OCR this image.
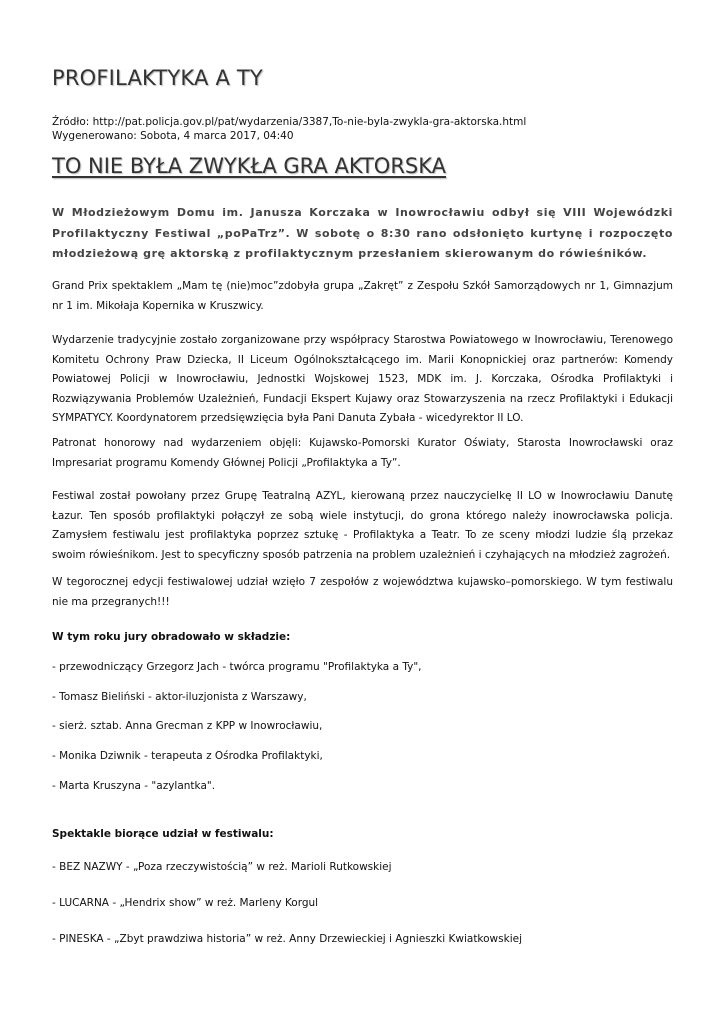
PROFILAKTYKA A TY
Źródło: http://pat.policja.gov.pl/pat/wydarzenia/3387,To-nie-byla-zwykla-gra-aktorska.html
Wygenerowano: Sobota, 4 marca 2017, 04:40
TO NIE BYŁA ZWYKŁA GRA AKTORSKA

W Młodzieżowym Domu im. Janusza Korczaka w Inowrocławiu odbył się VIII Wojewódzki Profilaktyczny Festiwal „poPaTrz”. W sobotę o 8:30 rano odsłonięto kurtynę i rozpoczęto młodzieżową grę aktorską z profilaktycznym przesłaniem skierowanym do rówieśników.

Grand Prix spektaklem „Mam tę (nie)moc”zdobyła grupa „Zakręt” z Zespołu Szkół Samorządowych nr 1, Gimnazjum nr 1 im. Mikołaja Kopernika w Kruszwicy.

Wydarzenie tradycyjnie zostało zorganizowane przy współpracy Starostwa Powiatowego w Inowrocławiu, Terenowego Komitetu Ochrony Praw Dziecka, II Liceum Ogólnokształcącego im. Marii Konopnickiej oraz partnerów: Komendy Powiatowej Policji w Inowrocławiu, Jednostki Wojskowej 1523, MDK im. J. Korczaka, Ośrodka Profilaktyki i Rozwiązywania Problemów Uzależnień, Fundacji Ekspert Kujawy oraz Stowarzyszenia na rzecz Profilaktyki i Edukacji SYMPATYCY. Koordynatorem przedsięwzięcia była Pani Danuta Zybała - wicedyrektor II LO.

Patronat honorowy nad wydarzeniem objęli: Kujawsko-Pomorski Kurator Oświaty, Starosta Inowrocławski oraz Impresariat programu Komendy Głównej Policji „Profilaktyka a Ty”.

Festiwal został powołany przez Grupę Teatralną AZYL, kierowaną przez nauczycielkę II LO w Inowrocławiu Danutę Łazur. Ten sposób profilaktyki połączył ze sobą wiele instytucji, do grona którego należy inowrocławska policja. Zamysłem festiwalu jest profilaktyka poprzez sztukę - Profilaktyka a Teatr. To ze sceny młodzi ludzie ślą przekaz swoim rówieśnikom. Jest to specyficzny sposób patrzenia na problem uzależnień i czyhających na młodzież zagrożeń.

W tegorocznej edycji festiwalowej udział wzięło 7 zespołów z województwa kujawsko–pomorskiego. W tym festiwalu nie ma przegranych!!!

W tym roku jury obradowało w składzie:
- przewodniczący Grzegorz Jach - twórca programu "Profilaktyka a Ty",
- Tomasz Bieliński - aktor-iluzjonista z Warszawy,
- sierż. sztab. Anna Grecman z KPP w Inowrocławiu,
- Monika Dziwnik - terapeuta z Ośrodka Profilaktyki,
- Marta Kruszyna - "azylantka".
Spektakle biorące udział w festiwalu:
- BEZ NAZWY - „Poza rzeczywistością” w reż. Marioli Rutkowskiej
- LUCARNA - „Hendrix show” w reż. Marleny Korgul
- PINESKA - „Zbyt prawdziwa historia” w reż. Anny Drzewieckiej i Agnieszki Kwiatkowskiej
